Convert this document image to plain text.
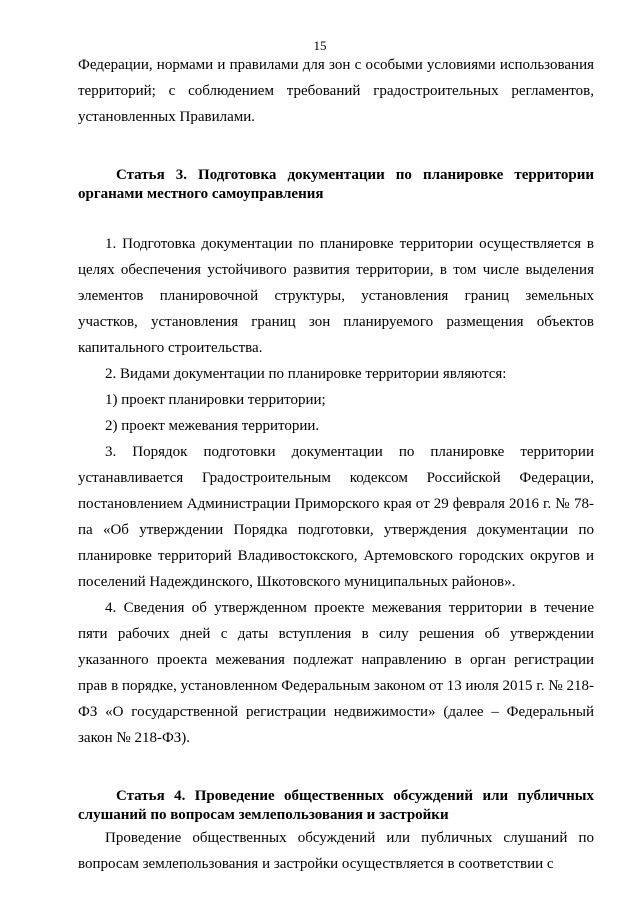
15

Федерации, нормами и правилами для зон с особыми условиями использования территорий; с соблюдением требований градостроительных регламентов, установленных Правилами.

Статья 3. Подготовка документации по планировке территории органами местного самоуправления

1. Подготовка документации по планировке территории осуществляется в целях обеспечения устойчивого развития территории, в том числе выделения элементов планировочной структуры, установления границ земельных участков, установления границ зон планируемого размещения объектов капитального строительства.

2. Видами документации по планировке территории являются:

1) проект планировки территории;

2) проект межевания территории.

3. Порядок подготовки документации по планировке территории устанавливается Градостроительным кодексом Российской Федерации, постановлением Администрации Приморского края от 29 февраля 2016 г. № 78-па «Об утверждении Порядка подготовки, утверждения документации по планировке территорий Владивостокского, Артемовского городских округов и поселений Надеждинского, Шкотовского муниципальных районов».

4. Сведения об утвержденном проекте межевания территории в течение пяти рабочих дней с даты вступления в силу решения об утверждении указанного проекта межевания подлежат направлению в орган регистрации прав в порядке, установленном Федеральным законом от 13 июля 2015 г. № 218-ФЗ «О государственной регистрации недвижимости» (далее – Федеральный закон № 218-ФЗ).

Статья 4. Проведение общественных обсуждений или публичных слушаний по вопросам землепользования и застройки

Проведение общественных обсуждений или публичных слушаний по вопросам землепользования и застройки осуществляется в соответствии с
